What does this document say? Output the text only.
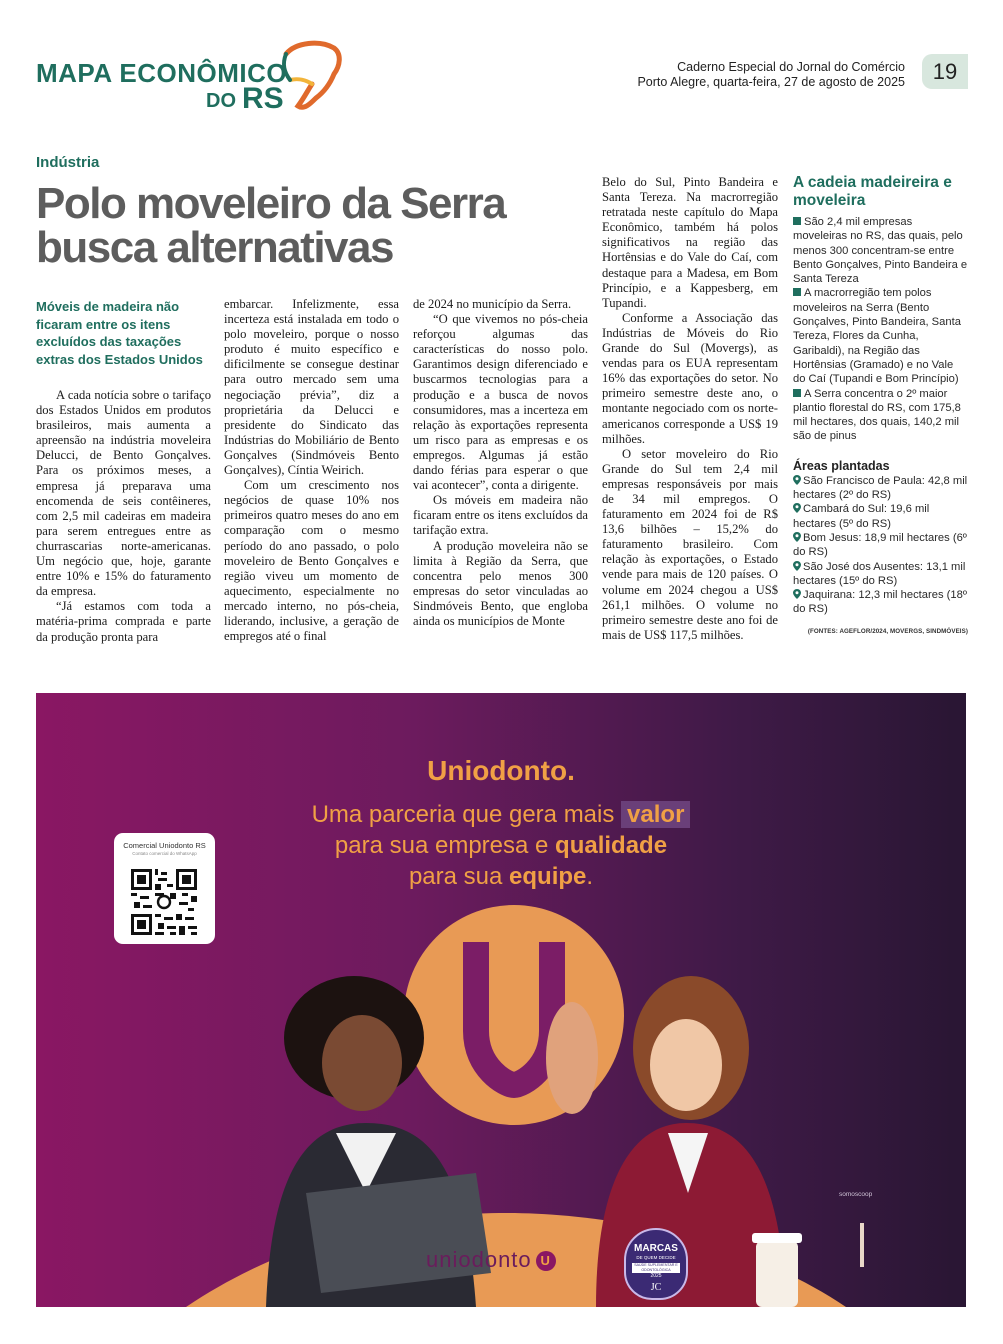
MAPA ECONÔMICO
DO RS
Caderno Especial do Jornal do Comércio
Porto Alegre, quarta-feira, 27 de agosto de 2025	19
Indústria
Polo moveleiro da Serra busca alternativas
Móveis de madeira não ficaram entre os itens excluídos das taxações extras dos Estados Unidos

A cada notícia sobre o tarifaço dos Estados Unidos em produtos brasileiros, mais aumenta a apreensão na indústria moveleira Delucci, de Bento Gonçalves. Para os próximos meses, a empresa já preparava uma encomenda de seis contêineres, com 2,5 mil cadeiras em madeira para serem entregues entre as churrascarias norte-americanas. Um negócio que, hoje, garante entre 10% e 15% do faturamento da empresa.

“Já estamos com toda a matéria-prima comprada e parte da produção pronta para

embarcar. Infelizmente, essa incerteza está instalada em todo o polo moveleiro, porque o nosso produto é muito específico e dificilmente se consegue destinar para outro mercado sem uma negociação prévia”, diz a proprietária da Delucci e presidente do Sindicato das Indústrias do Mobiliário de Bento Gonçalves (Sindmóveis Bento Gonçalves), Cíntia Weirich.

Com um crescimento nos negócios de quase 10% nos primeiros quatro meses do ano em comparação com o mesmo período do ano passado, o polo moveleiro de Bento Gonçalves e região viveu um momento de aquecimento, especialmente no mercado interno, no pós-cheia, liderando, inclusive, a geração de empregos até o final

de 2024 no município da Serra.

“O que vivemos no pós-cheia reforçou algumas das características do nosso polo. Garantimos design diferenciado e buscarmos tecnologias para a produção e a busca de novos consumidores, mas a incerteza em relação às exportações representa um risco para as empresas e os empregos. Algumas já estão dando férias para esperar o que vai acontecer”, conta a dirigente.

Os móveis em madeira não ficaram entre os itens excluídos da tarifação extra.

A produção moveleira não se limita à Região da Serra, que concentra pelo menos 300 empresas do setor vinculadas ao Sindmóveis Bento, que engloba ainda os municípios de Monte

Belo do Sul, Pinto Bandeira e Santa Tereza. Na macrorregião retratada neste capítulo do Mapa Econômico, também há polos significativos na região das Hortênsias e do Vale do Caí, com destaque para a Madesa, em Bom Princípio, e a Kappesberg, em Tupandi.

Conforme a Associação das Indústrias de Móveis do Rio Grande do Sul (Movergs), as vendas para os EUA representam 16% das exportações do setor. No primeiro semestre deste ano, o montante negociado com os norte-americanos corresponde a US$ 19 milhões.

O setor moveleiro do Rio Grande do Sul tem 2,4 mil empresas responsáveis por mais de 34 mil empregos. O faturamento em 2024 foi de R$ 13,6 bilhões – 15,2% do faturamento brasileiro. Com relação às exportações, o Estado vende para mais de 120 países. O volume em 2024 chegou a US$ 261,1 milhões. O volume no primeiro semestre deste ano foi de mais de US$ 117,5 milhões.

A cadeia madeireira e moveleira
São 2,4 mil empresas moveleiras no RS, das quais, pelo menos 300 concentram-se entre Bento Gonçalves, Pinto Bandeira e Santa Tereza
A macrorregião tem polos moveleiros na Serra (Bento Gonçalves, Pinto Bandeira, Santa Tereza, Flores da Cunha, Garibaldi), na Região das Hortênsias (Gramado) e no Vale do Caí (Tupandi e Bom Princípio)
A Serra concentra o 2º maior plantio florestal do RS, com 175,8 mil hectares, dos quais, 140,2 mil são de pinus
Áreas plantadas
São Francisco de Paula: 42,8 mil hectares (2º do RS)
Cambará do Sul: 19,6 mil hectares (5º do RS)
Bom Jesus: 18,9 mil hectares (6º do RS)
São José dos Ausentes: 13,1 mil hectares (15º do RS)
Jaquirana: 12,3 mil hectares (18º do RS)
(FONTES: AGEFLOR/2024, MOVERGS, SINDMÓVEIS)
Uniodonto.
Uma parceria que gera mais valor
para sua empresa e qualidade
para sua equipe.
Comercial Uniodonto RS
Contato comercial do WhatsApp
somoscoop
uniodonto U
MARCAS
DE QUEM DECIDE
SAÚDE SUPLEMENTAR E ODONTOLÓGICA
2025
JC
